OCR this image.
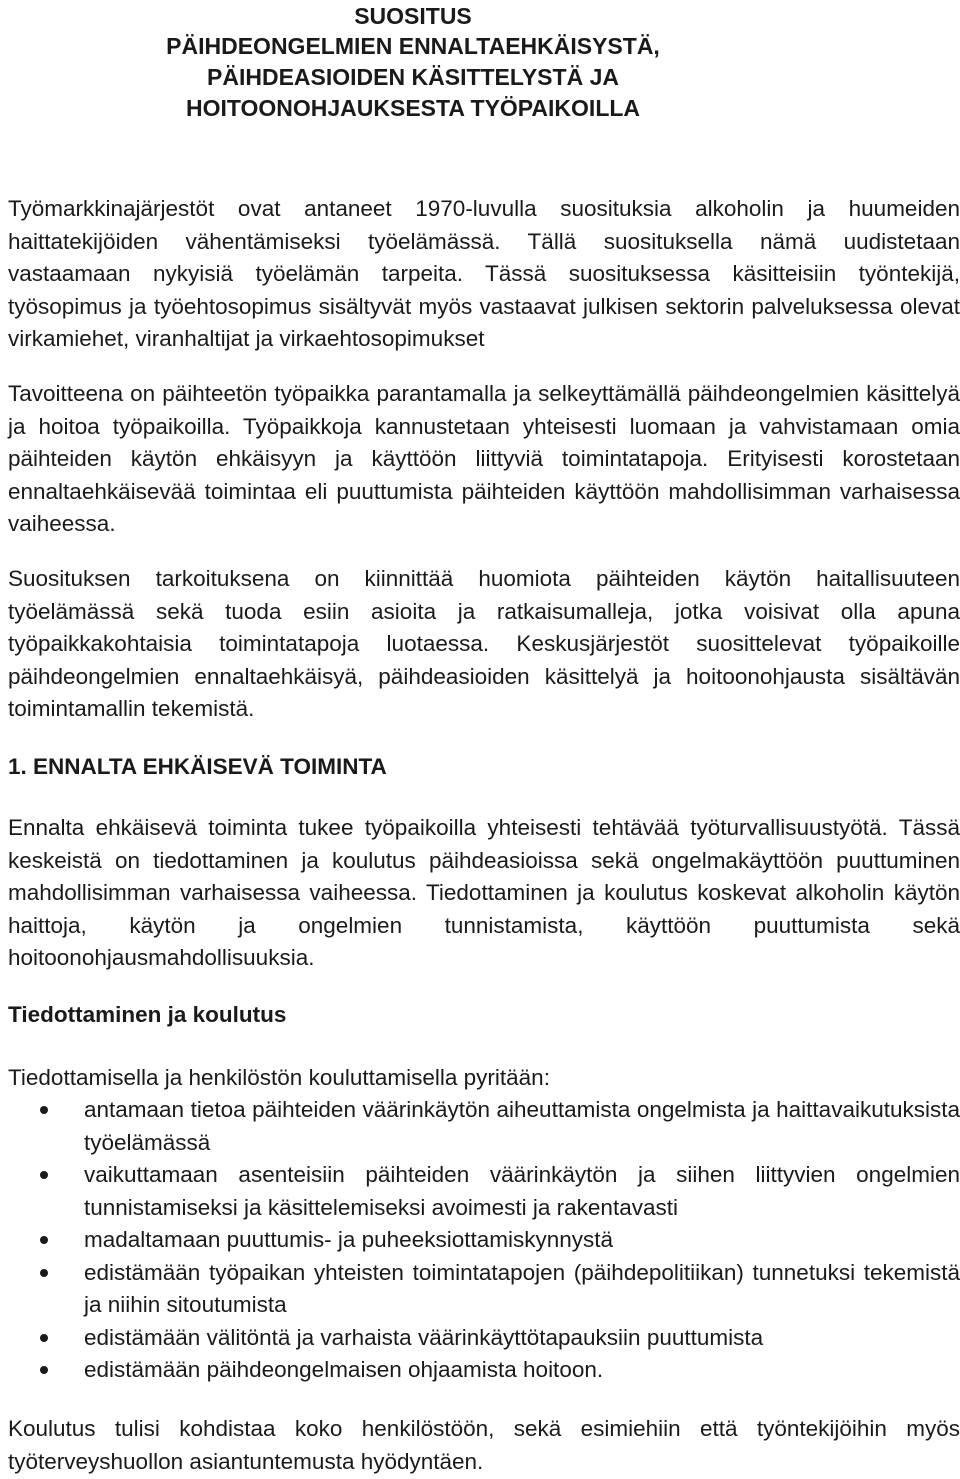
SUOSITUS
PÄIHDEONGELMIEN ENNALTAEHKÄISYSTÄ,
PÄIHDEASIOIDEN KÄSITTELYSTÄ JA
HOITOONOHJAUKSESTA TYÖPAIKOILLA

Työmarkkinajärjestöt ovat antaneet 1970-luvulla suosituksia alkoholin ja huumeiden haittatekijöiden vähentämiseksi työelämässä. Tällä suosituksella nämä uudistetaan vastaamaan nykyisiä työelämän tarpeita. Tässä suosituksessa käsitteisiin työntekijä, työsopimus ja työehtosopimus sisältyvät myös vastaavat julkisen sektorin palveluksessa olevat virkamiehet, viranhaltijat ja virkaehtosopimukset

Tavoitteena on päihteetön työpaikka parantamalla ja selkeyttämällä päihdeongelmien käsittelyä ja hoitoa työpaikoilla. Työpaikkoja kannustetaan yhteisesti luomaan ja vahvistamaan omia päihteiden käytön ehkäisyyn ja käyttöön liittyviä toimintatapoja. Erityisesti korostetaan ennaltaehkäisevää toimintaa eli puuttumista päihteiden käyttöön mahdollisimman varhaisessa vaiheessa.

Suosituksen tarkoituksena on kiinnittää huomiota päihteiden käytön haitallisuuteen työelämässä sekä tuoda esiin asioita ja ratkaisumalleja, jotka voisivat olla apuna työpaikkakohtaisia toimintatapoja luotaessa. Keskusjärjestöt suosittelevat työpaikoille päihdeongelmien ennaltaehkäisyä, päihdeasioiden käsittelyä ja hoitoonohjausta sisältävän toimintamallin tekemistä.

1. ENNALTA EHKÄISEVÄ TOIMINTA

Ennalta ehkäisevä toiminta tukee työpaikoilla yhteisesti tehtävää työturvallisuustyötä. Tässä keskeistä on tiedottaminen ja koulutus päihdeasioissa sekä ongelmakäyttöön puuttuminen mahdollisimman varhaisessa vaiheessa. Tiedottaminen ja koulutus koskevat alkoholin käytön haittoja, käytön ja ongelmien tunnistamista, käyttöön puuttumista sekä hoitoonohjausmahdollisuuksia.

Tiedottaminen ja koulutus

Tiedottamisella ja henkilöstön kouluttamisella pyritään:

antamaan tietoa päihteiden väärinkäytön aiheuttamista ongelmista ja haittavaikutuksista työelämässä
vaikuttamaan asenteisiin päihteiden väärinkäytön ja siihen liittyvien ongelmien tunnistamiseksi ja käsittelemiseksi avoimesti ja rakentavasti
madaltamaan puuttumis- ja puheeksiottamiskynnystä
edistämään työpaikan yhteisten toimintatapojen (päihdepolitiikan) tunnetuksi tekemistä ja niihin sitoutumista
edistämään välitöntä ja varhaista väärinkäyttötapauksiin puuttumista
edistämään päihdeongelmaisen ohjaamista hoitoon.

Koulutus tulisi kohdistaa koko henkilöstöön, sekä esimiehiin että työntekijöihin myös työterveyshuollon asiantuntemusta hyödyntäen.
